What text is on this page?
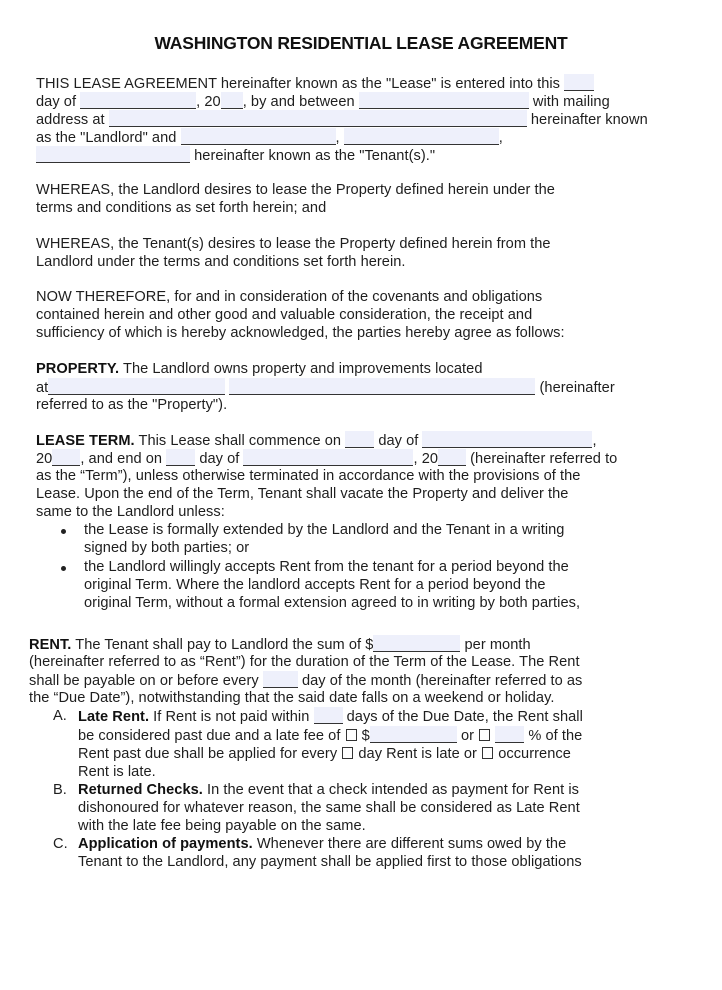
WASHINGTON RESIDENTIAL LEASE AGREEMENT
THIS LEASE AGREEMENT hereinafter known as the "Lease" is entered into this
day of	, 20 , by and between	with mailing
address at	hereinafter known
as the "Landlord" and	,	,
hereinafter known as the "Tenant(s)."
WHEREAS, the Landlord desires to lease the Property defined herein under the
terms and conditions as set forth herein; and
WHEREAS, the Tenant(s) desires to lease the Property defined herein from the
Landlord under the terms and conditions set forth herein.
NOW THEREFORE, for and in consideration of the covenants and obligations
contained herein and other good and valuable consideration, the receipt and
sufficiency of which is hereby acknowledged, the parties hereby agree as follows:
PROPERTY. The Landlord owns property and improvements located
at	(hereinafter
referred to as the "Property").
LEASE TERM. This Lease shall commence on	day of	,
20 , and end on	day of	, 20 (hereinafter referred to
as the “Term”), unless otherwise terminated in accordance with the provisions of the
Lease. Upon the end of the Term, Tenant shall vacate the Property and deliver the
same to the Landlord unless:
the Lease is formally extended by the Landlord and the Tenant in a writing
signed by both parties; or
the Landlord willingly accepts Rent from the tenant for a period beyond the
original Term. Where the landlord accepts Rent for a period beyond the
original Term, without a formal extension agreed to in writing by both parties,
RENT. The Tenant shall pay to Landlord the sum of $	per month
(hereinafter referred to as “Rent”) for the duration of the Term of the Lease. The Rent
shall be payable on or before every	day of the month (hereinafter referred to as
the “Due Date”), notwithstanding that the said date falls on a weekend or holiday.
A. Late Rent. If Rent is not paid within	days of the Due Date, the Rent shall
be considered past due and a late fee of $	or	% of the
Rent past due shall be applied for every day Rent is late or occurrence
Rent is late.
B. Returned Checks. In the event that a check intended as payment for Rent is
dishonoured for whatever reason, the same shall be considered as Late Rent
with the late fee being payable on the same.
C. Application of payments. Whenever there are different sums owed by the
Tenant to the Landlord, any payment shall be applied first to those obligations
